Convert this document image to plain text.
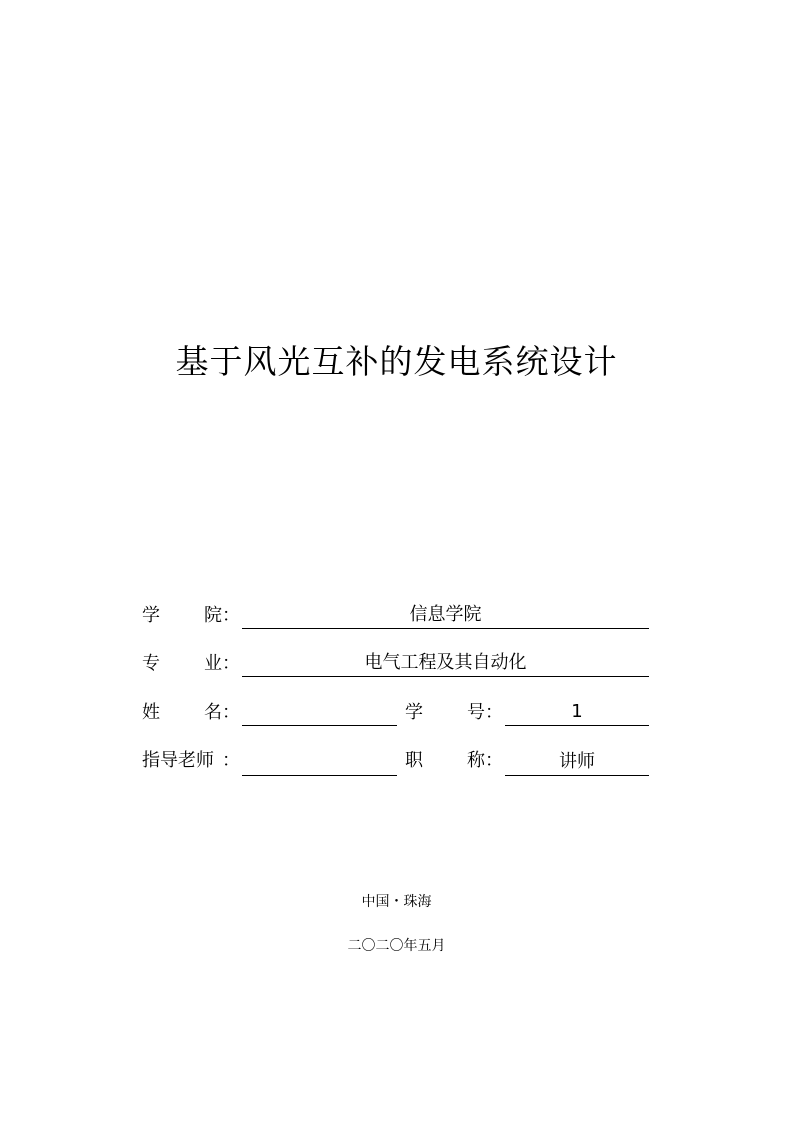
基于风光互补的发电系统设计
学 院 ：	信息学院
专 业 ：	电气工程及其自动化
姓 名 ：	学 号 ：	1
指导老师 ：	职 称 ：	讲师
中国・珠海
二〇二〇年五月
